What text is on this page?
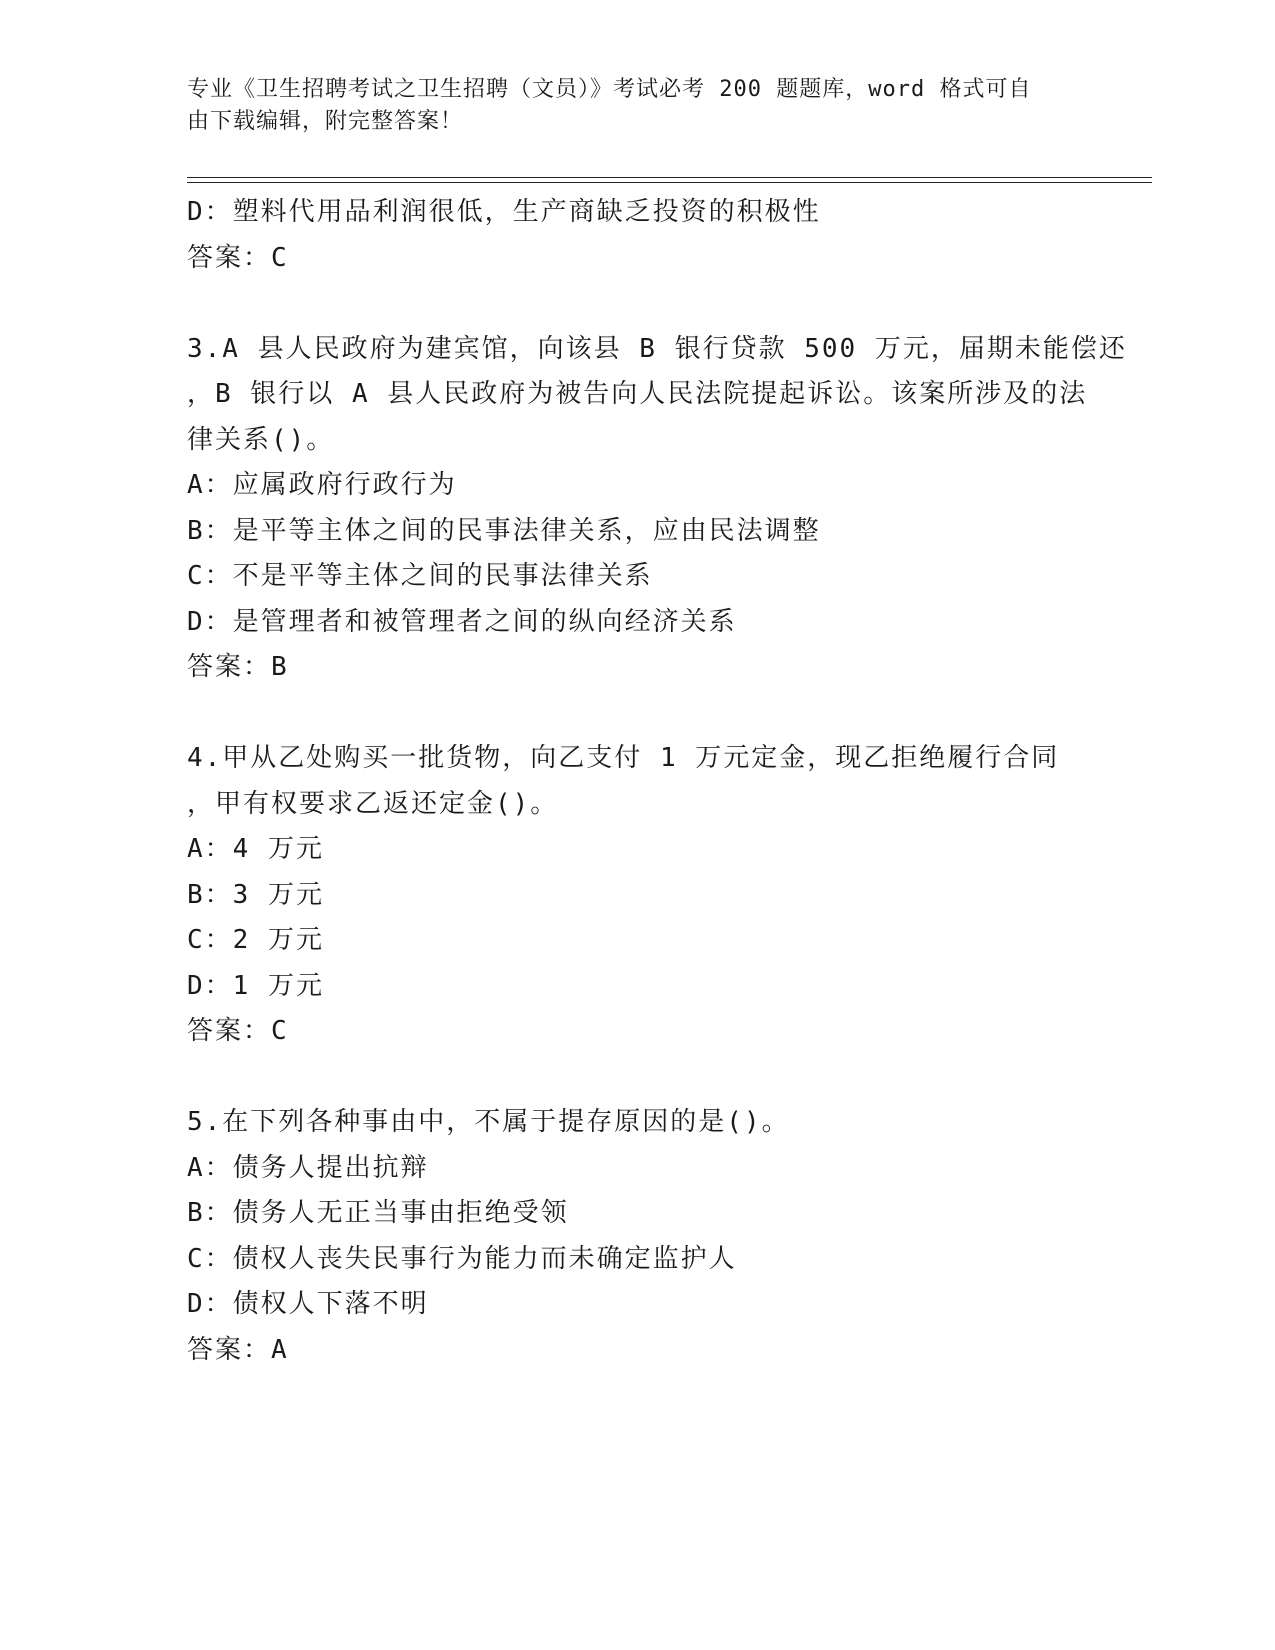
专业《卫生招聘考试之卫生招聘（文员）》考试必考 200 题题库，word 格式可自
由下载编辑，附完整答案！
D：塑料代用品利润很低，生产商缺乏投资的积极性
答案：C
3.A 县人民政府为建宾馆，向该县 B 银行贷款 500 万元，届期未能偿还
，B 银行以 A 县人民政府为被告向人民法院提起诉讼。该案所涉及的法
律关系()。
A：应属政府行政行为
B：是平等主体之间的民事法律关系，应由民法调整
C：不是平等主体之间的民事法律关系
D：是管理者和被管理者之间的纵向经济关系
答案：B
4.甲从乙处购买一批货物，向乙支付 1 万元定金，现乙拒绝履行合同
，甲有权要求乙返还定金()。
A：4 万元
B：3 万元
C：2 万元
D：1 万元
答案：C
5.在下列各种事由中，不属于提存原因的是()。
A：债务人提出抗辩
B：债务人无正当事由拒绝受领
C：债权人丧失民事行为能力而未确定监护人
D：债权人下落不明
答案：A
